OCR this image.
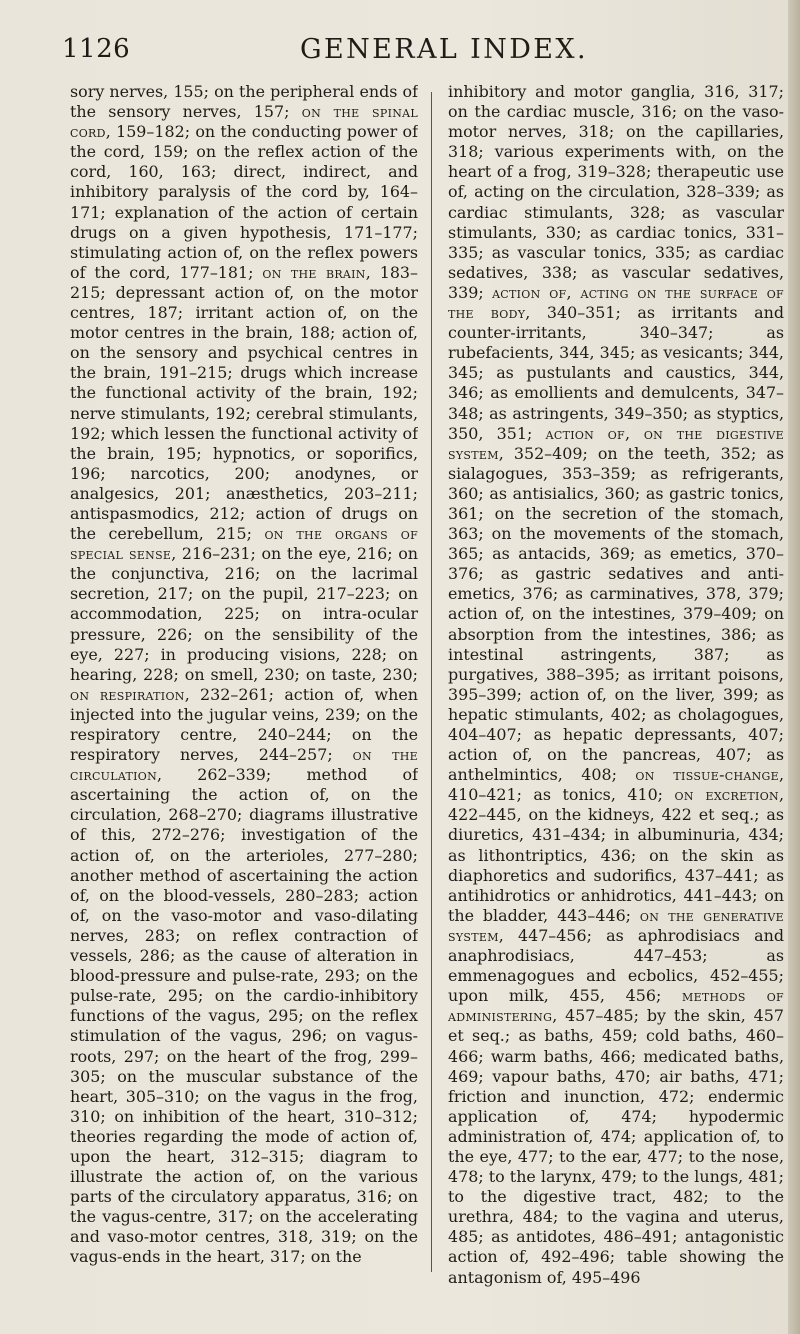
1126	GENERAL INDEX.
sory nerves, 155; on the peripheral ends of the sensory nerves, 157; on the spinal cord, 159–182; on the conducting power of the cord, 159; on the reflex action of the cord, 160, 163; direct, indirect, and inhibitory paralysis of the cord by, 164–171; explanation of the action of certain drugs on a given hypothesis, 171–177; stimulating action of, on the reflex powers of the cord, 177–181; on the brain, 183–215; depressant action of, on the motor centres, 187; irritant action of, on the motor centres in the brain, 188; action of, on the sensory and psychical centres in the brain, 191–215; drugs which increase the functional activity of the brain, 192; nerve stimulants, 192; cerebral stimulants, 192; which lessen the functional activity of the brain, 195; hypnotics, or soporifics, 196; narcotics, 200; anodynes, or analgesics, 201; anæsthetics, 203–211; antispasmodics, 212; action of drugs on the cerebellum, 215; on the organs of special sense, 216–231; on the eye, 216; on the conjunctiva, 216; on the lacrimal secretion, 217; on the pupil, 217–223; on accommodation, 225; on intra-ocular pressure, 226; on the sensibility of the eye, 227; in producing visions, 228; on hearing, 228; on smell, 230; on taste, 230; on respiration, 232–261; action of, when injected into the jugular veins, 239; on the respiratory centre, 240–244; on the respiratory nerves, 244–257; on the circulation, 262–339; method of ascertaining the action of, on the circulation, 268–270; diagrams illustrative of this, 272–276; investigation of the action of, on the arterioles, 277–280; another method of ascertaining the action of, on the blood-vessels, 280–283; action of, on the vaso-motor and vaso-dilating nerves, 283; on reflex contraction of vessels, 286; as the cause of alteration in blood-pressure and pulse-rate, 293; on the pulse-rate, 295; on the cardio-inhibitory functions of the vagus, 295; on the reflex stimulation of the vagus, 296; on vagus-roots, 297; on the heart of the frog, 299–305; on the muscular substance of the heart, 305–310; on the vagus in the frog, 310; on inhibition of the heart, 310–312; theories regarding the mode of action of, upon the heart, 312–315; diagram to illustrate the action of, on the various parts of the circulatory apparatus, 316; on the vagus-centre, 317; on the accelerating and vaso-motor centres, 318, 319; on the vagus-ends in the heart, 317; on the
inhibitory and motor ganglia, 316, 317; on the cardiac muscle, 316; on the vaso-motor nerves, 318; on the capillaries, 318; various experiments with, on the heart of a frog, 319–328; therapeutic use of, acting on the circulation, 328–339; as cardiac stimulants, 328; as vascular stimulants, 330; as cardiac tonics, 331–335; as vascular tonics, 335; as cardiac sedatives, 338; as vascular sedatives, 339; action of, acting on the surface of the body, 340–351; as irritants and counter-irritants, 340–347; as rubefacients, 344, 345; as vesicants; 344, 345; as pustulants and caustics, 344, 346; as emollients and demulcents, 347–348; as astringents, 349–350; as styptics, 350, 351; action of, on the digestive system, 352–409; on the teeth, 352; as sialagogues, 353–359; as refrigerants, 360; as antisialics, 360; as gastric tonics, 361; on the secretion of the stomach, 363; on the movements of the stomach, 365; as antacids, 369; as emetics, 370–376; as gastric sedatives and anti-emetics, 376; as carminatives, 378, 379; action of, on the intestines, 379–409; on absorption from the intestines, 386; as intestinal astringents, 387; as purgatives, 388–395; as irritant poisons, 395–399; action of, on the liver, 399; as hepatic stimulants, 402; as cholagogues, 404–407; as hepatic depressants, 407; action of, on the pancreas, 407; as anthelmintics, 408; on tissue-change, 410–421; as tonics, 410; on excretion, 422–445, on the kidneys, 422 et seq.; as diuretics, 431–434; in albuminuria, 434; as lithontriptics, 436; on the skin as diaphoretics and sudorifics, 437–441; as antihidrotics or anhidrotics, 441–443; on the bladder, 443–446; on the generative system, 447–456; as aphrodisiacs and anaphrodisiacs, 447–453; as emmenagogues and ecbolics, 452–455; upon milk, 455, 456; methods of administering, 457–485; by the skin, 457 et seq.; as baths, 459; cold baths, 460–466; warm baths, 466; medicated baths, 469; vapour baths, 470; air baths, 471; friction and inunction, 472; endermic application of, 474; hypodermic administration of, 474; application of, to the eye, 477; to the ear, 477; to the nose, 478; to the larynx, 479; to the lungs, 481; to the digestive tract, 482; to the urethra, 484; to the vagina and uterus, 485; as antidotes, 486–491; antagonistic action of, 492–496; table showing the antagonism of, 495–496
